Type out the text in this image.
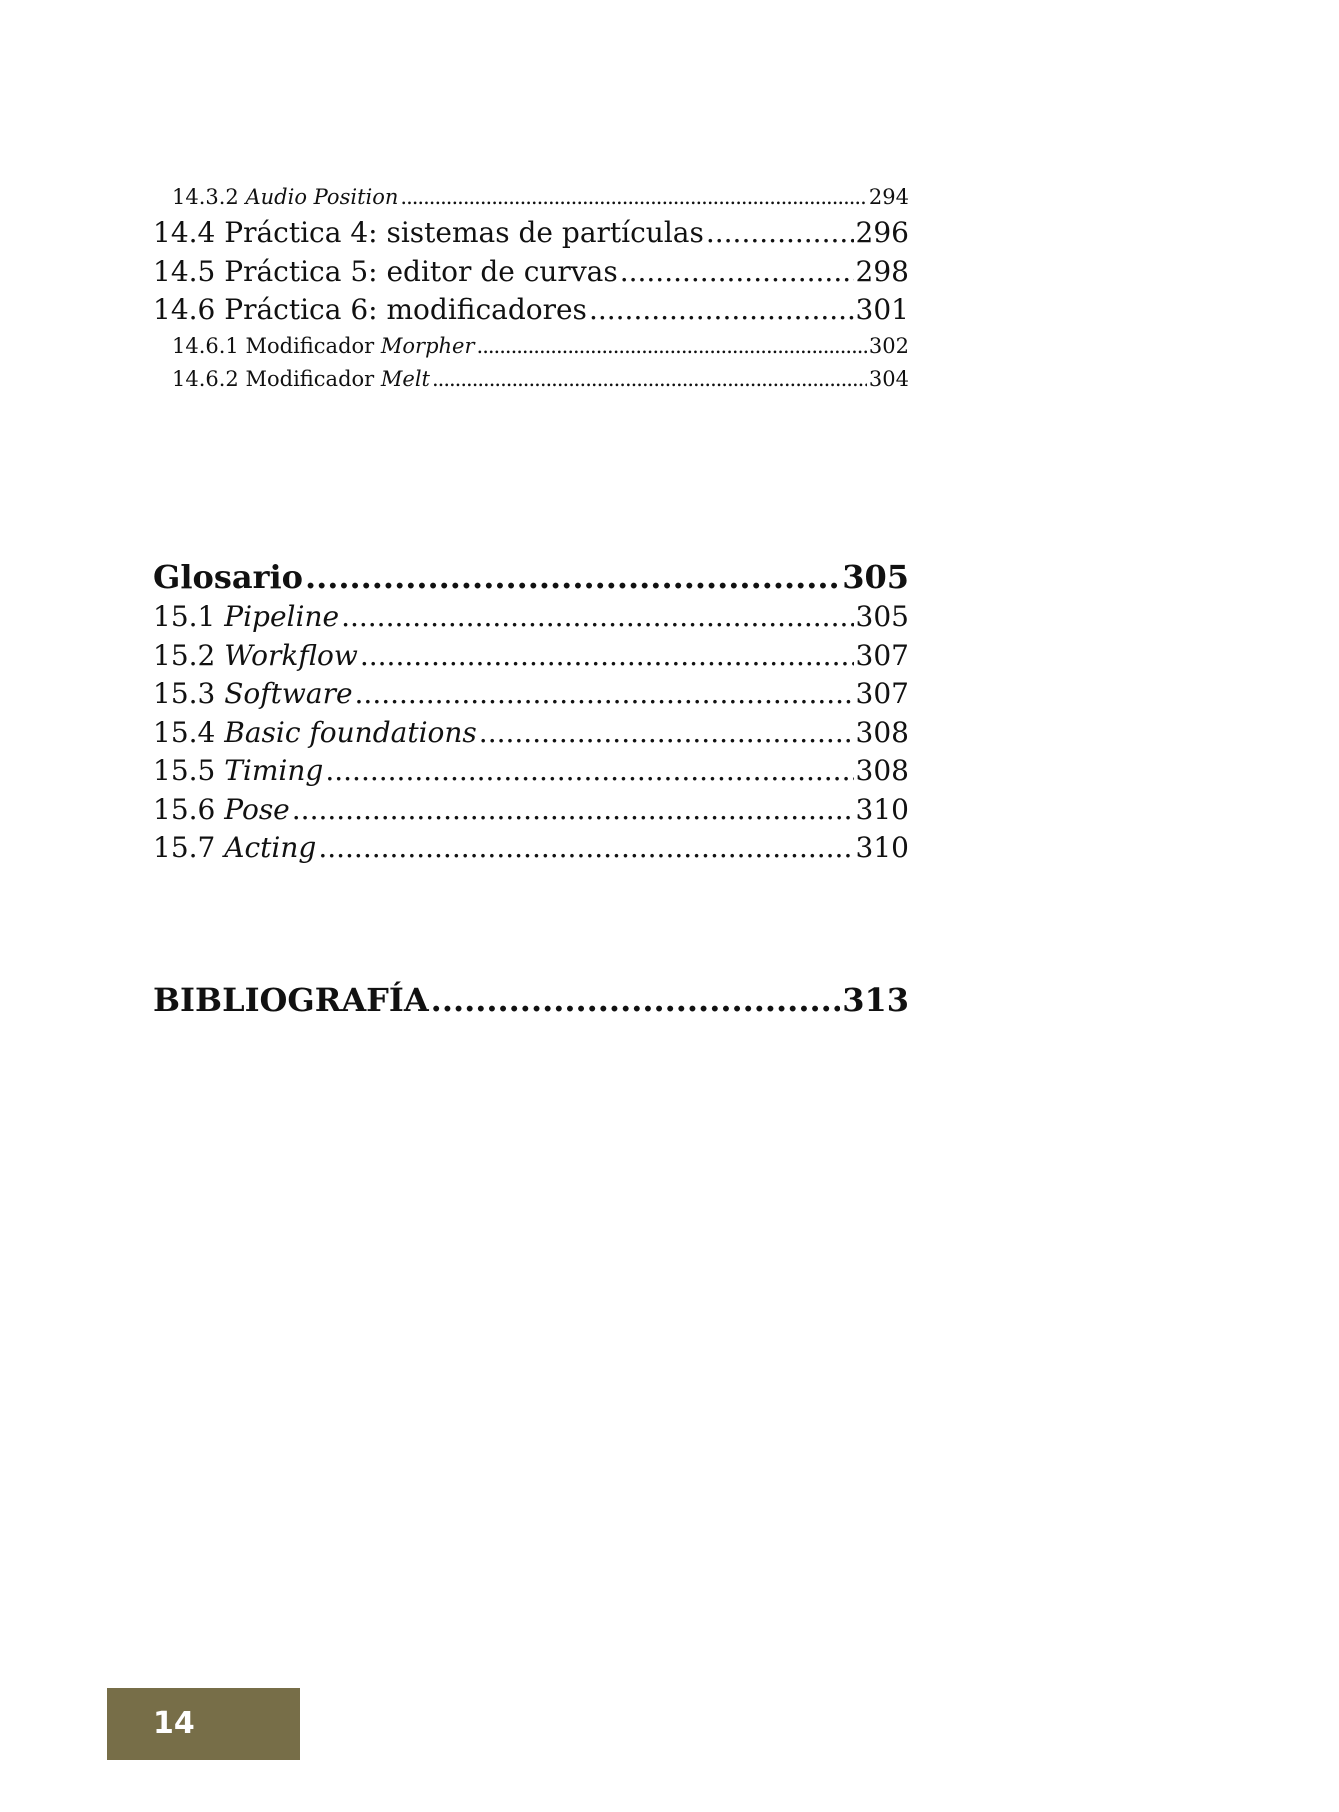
14.3.2 Audio Position .....	294
14.4 Práctica 4: sistemas de partículas .....	296
14.5 Práctica 5: editor de curvas .....	298
14.6 Práctica 6: modificadores .....	301
14.6.1 Modificador Morpher .....	302
14.6.2 Modificador Melt .....	304
Glosario .....	305
15.1 Pipeline .....	305
15.2 Workflow .....	307
15.3 Software .....	307
15.4 Basic foundations .....	308
15.5 Timing .....	308
15.6 Pose .....	310
15.7 Acting .....	310
BIBLIOGRAFÍA .....	313
14
